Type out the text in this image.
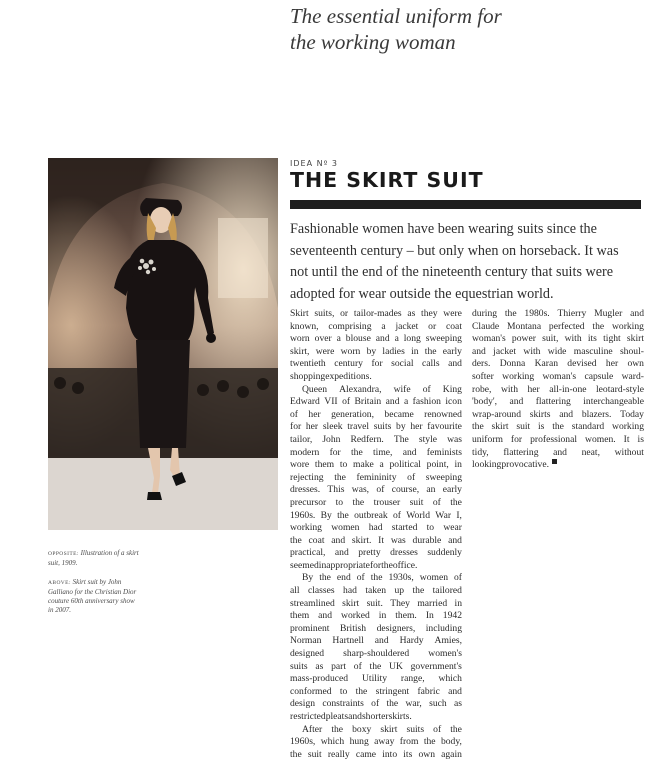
The essential uniform for
the working woman

OPPOSITE: Illustration of a skirt
suit, 1909.

ABOVE: Skirt suit by John
Galliano for the Christian Dior
couture 60th anniversary show
in 2007.

IDEA Nº 3
THE SKIRT SUIT
Fashionable women have been wearing suits since the
seventeenth century – but only when on horseback. It was
not until the end of the nineteenth century that suits were
adopted for wear outside the equestrian world.
Skirt suits, or tailor-mades as they were
known, comprising a jacket or coat
worn over a blouse and a long sweeping
skirt, were worn by ladies in the early
twentieth century for social calls and
shopping expeditions.
Queen Alexandra, wife of King
Edward VII of Britain and a fashion icon
of her generation, became renowned
for her sleek travel suits by her favourite
tailor, John Redfern. The style was
modern for the time, and feminists
wore them to make a political point, in
rejecting the femininity of sweeping
dresses. This was, of course, an early
precursor to the trouser suit of the
1960s. By the outbreak of World War I,
working women had started to wear
the coat and skirt. It was durable and
practical, and pretty dresses suddenly
seemed inappropriate for the office.
By the end of the 1930s, women of
all classes had taken up the tailored
streamlined skirt suit. They married in
them and worked in them. In 1942
prominent British designers, including
Norman Hartnell and Hardy Amies,
designed sharp-shouldered women's
suits as part of the UK government's
mass-produced Utility range, which
conformed to the stringent fabric and
design constraints of the war, such as
restricted pleats and shorter skirts.
After the boxy skirt suits of the
1960s, which hung away from the body,
the suit really came into its own again
during the 1980s. Thierry Mugler and
Claude Montana perfected the working
woman's power suit, with its tight skirt
and jacket with wide masculine shoul-
ders. Donna Karan devised her own
softer working woman's capsule ward-
robe, with her all-in-one leotard-style
'body', and flattering interchangeable
wrap-around skirts and blazers. Today
the skirt suit is the standard working
uniform for professional women. It is
tidy, flattering and neat, without
looking provocative.
